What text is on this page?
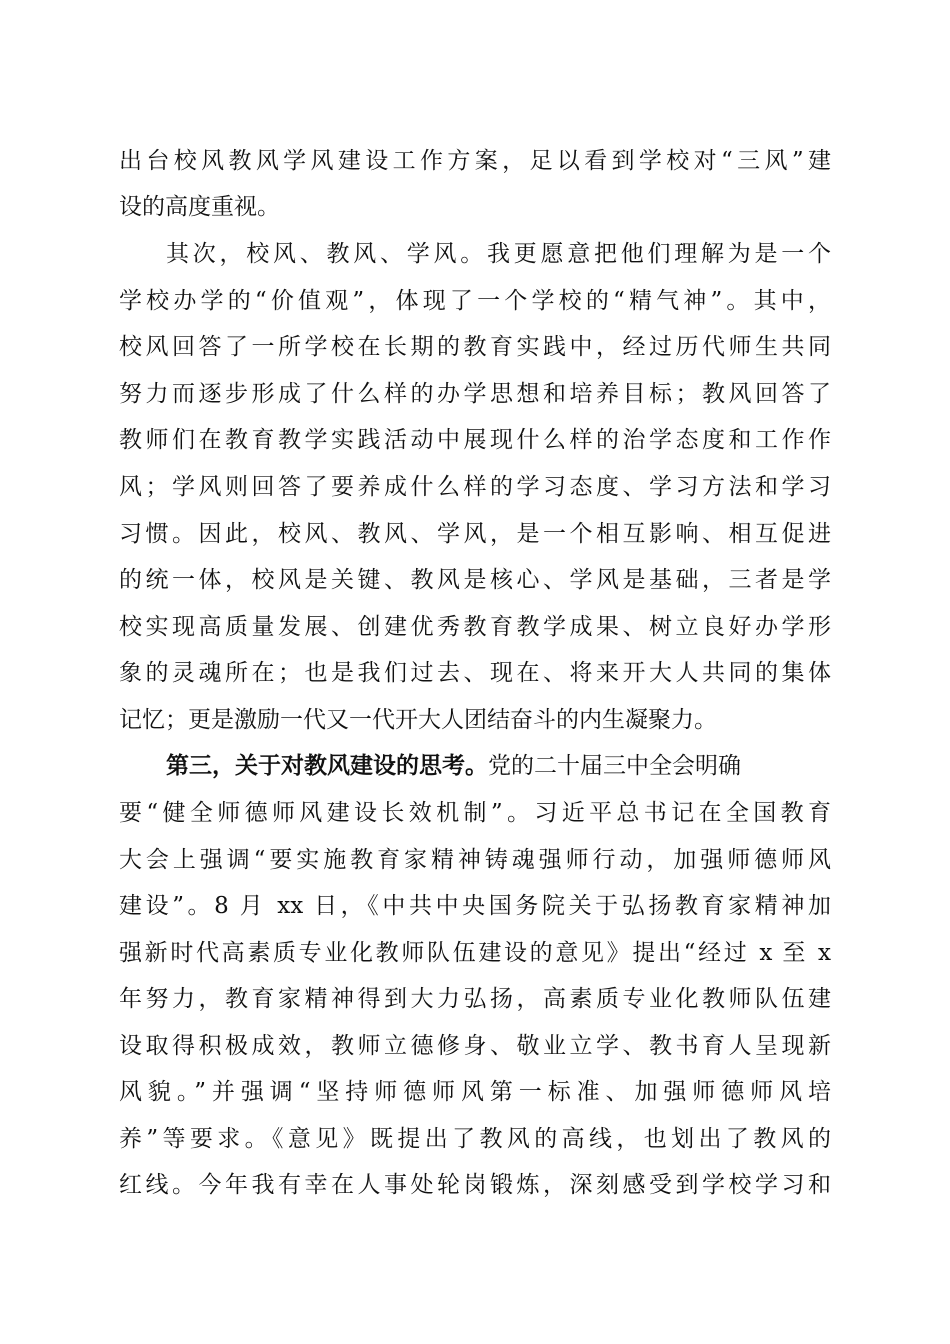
出台校风教风学风建设工作方案，足以看到学校对“三风”建
设的高度重视。
其次，校风、教风、学风。我更愿意把他们理解为是一个
学校办学的“价值观”，体现了一个学校的“精气神”。其中，
校风回答了一所学校在长期的教育实践中，经过历代师生共同
努力而逐步形成了什么样的办学思想和培养目标；教风回答了
教师们在教育教学实践活动中展现什么样的治学态度和工作作
风；学风则回答了要养成什么样的学习态度、学习方法和学习
习惯。因此，校风、教风、学风，是一个相互影响、相互促进
的统一体，校风是关键、教风是核心、学风是基础，三者是学
校实现高质量发展、创建优秀教育教学成果、树立良好办学形
象的灵魂所在；也是我们过去、现在、将来开大人共同的集体
记忆；更是激励一代又一代开大人团结奋斗的内生凝聚力。
第三，关于对教风建设的思考。党的二十届三中全会明确
要“健全师德师风建设长效机制”。习近平总书记在全国教育
大会上强调“要实施教育家精神铸魂强师行动，加强师德师风
建设”。8 月 xx 日，《中共中央国务院关于弘扬教育家精神加
强新时代高素质专业化教师队伍建设的意见》提出“经过 x 至 x
年努力，教育家精神得到大力弘扬，高素质专业化教师队伍建
设取得积极成效，教师立德修身、敬业立学、教书育人呈现新
风貌。”并强调“坚持师德师风第一标准、加强师德师风培
养”等要求。《意见》既提出了教风的高线，也划出了教风的
红线。今年我有幸在人事处轮岗锻炼，深刻感受到学校学习和
